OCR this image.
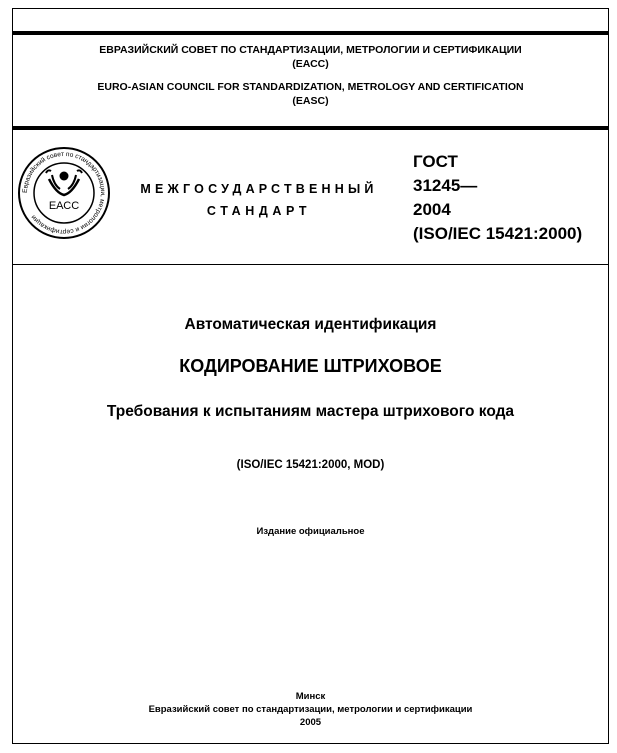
ЕВРАЗИЙСКИЙ СОВЕТ ПО СТАНДАРТИЗАЦИИ, МЕТРОЛОГИИ И СЕРТИФИКАЦИИ
(ЕАСС)
EURO-ASIAN COUNCIL FOR STANDARDIZATION, METROLOGY AND CERTIFICATION
(EASC)
Евразийский совет по стандартизации, метрологии и сертификации
ЕАСС
МЕЖГОСУДАРСТВЕННЫЙ
СТАНДАРТ
ГОСТ
31245—
2004
(ISO/IEC 15421:2000)
Автоматическая идентификация
КОДИРОВАНИЕ ШТРИХОВОЕ
Требования к испытаниям мастера штрихового кода
(ISO/IEC 15421:2000, MOD)
Издание официальное
Минск
Евразийский совет по стандартизации, метрологии и сертификации
2005
